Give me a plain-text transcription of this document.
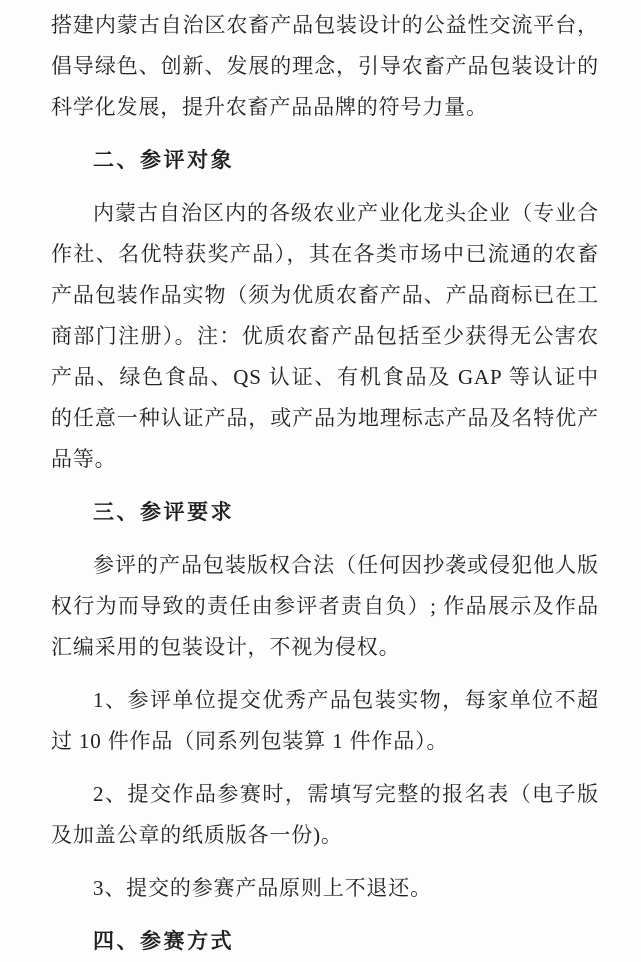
搭建内蒙古自治区农畜产品包装设计的公益性交流平台，倡导绿色、创新、发展的理念，引导农畜产品包装设计的科学化发展，提升农畜产品品牌的符号力量。

二、参评对象

内蒙古自治区内的各级农业产业化龙头企业（专业合作社、名优特获奖产品），其在各类市场中已流通的农畜产品包装作品实物（须为优质农畜产品、产品商标已在工商部门注册）。注：优质农畜产品包括至少获得无公害农产品、绿色食品、QS 认证、有机食品及 GAP 等认证中的任意一种认证产品，或产品为地理标志产品及名特优产品等。

三、参评要求

参评的产品包装版权合法（任何因抄袭或侵犯他人版权行为而导致的责任由参评者责自负）; 作品展示及作品汇编采用的包装设计，不视为侵权。

1、参评单位提交优秀产品包装实物，每家单位不超过 10 件作品（同系列包装算 1 件作品）。

2、提交作品参赛时，需填写完整的报名表（电子版及加盖公章的纸质版各一份)。

3、提交的参赛产品原则上不退还。

四、参赛方式
